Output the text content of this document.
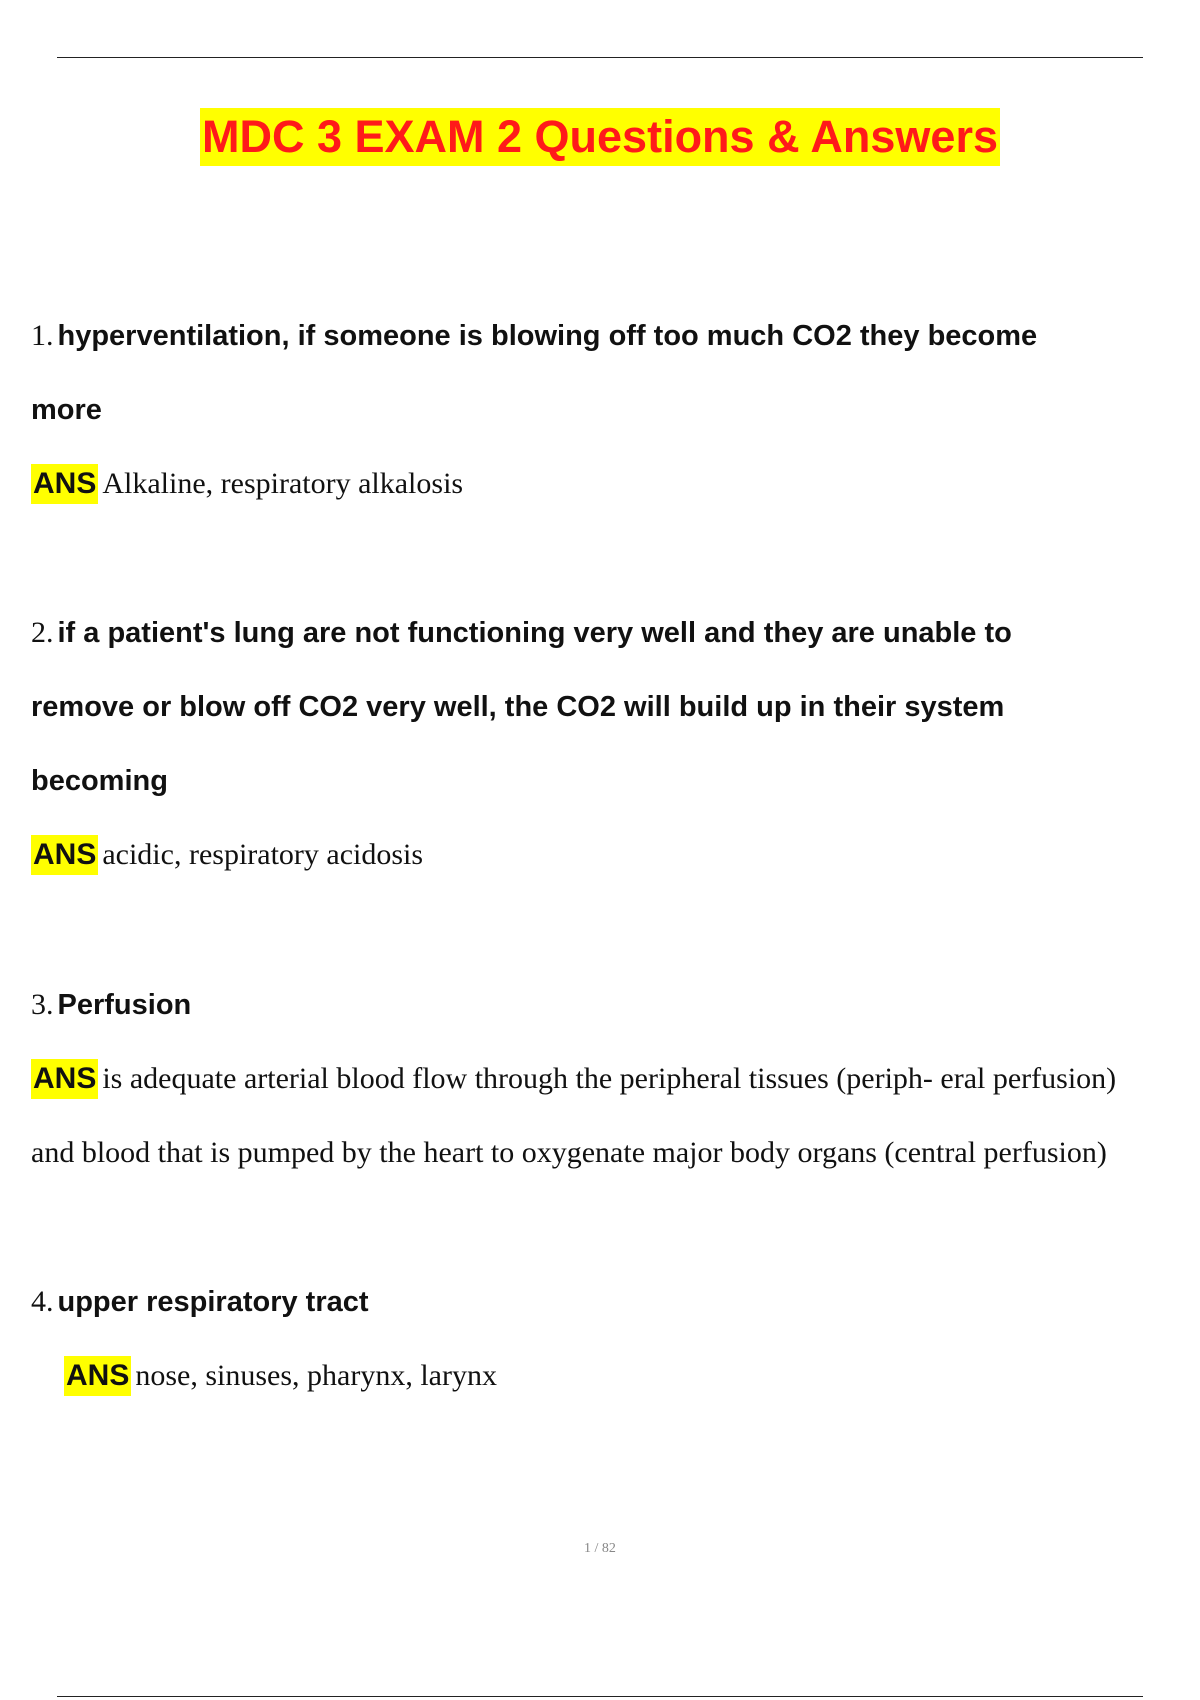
MDC 3 EXAM 2 Questions & Answers
1. hyperventilation, if someone is blowing off too much CO2 they become
more
ANS Alkaline, respiratory alkalosis
2. if a patient's lung are not functioning very well and they are unable to
remove or blow off CO2 very well, the CO2 will build up in their system
becoming
ANS acidic, respiratory acidosis
3. Perfusion
ANS is adequate arterial blood flow through the peripheral tissues (periph- eral perfusion)
and blood that is pumped by the heart to oxygenate major body organs (central perfusion)
4. upper respiratory tract
ANS nose, sinuses, pharynx, larynx
1 / 82
